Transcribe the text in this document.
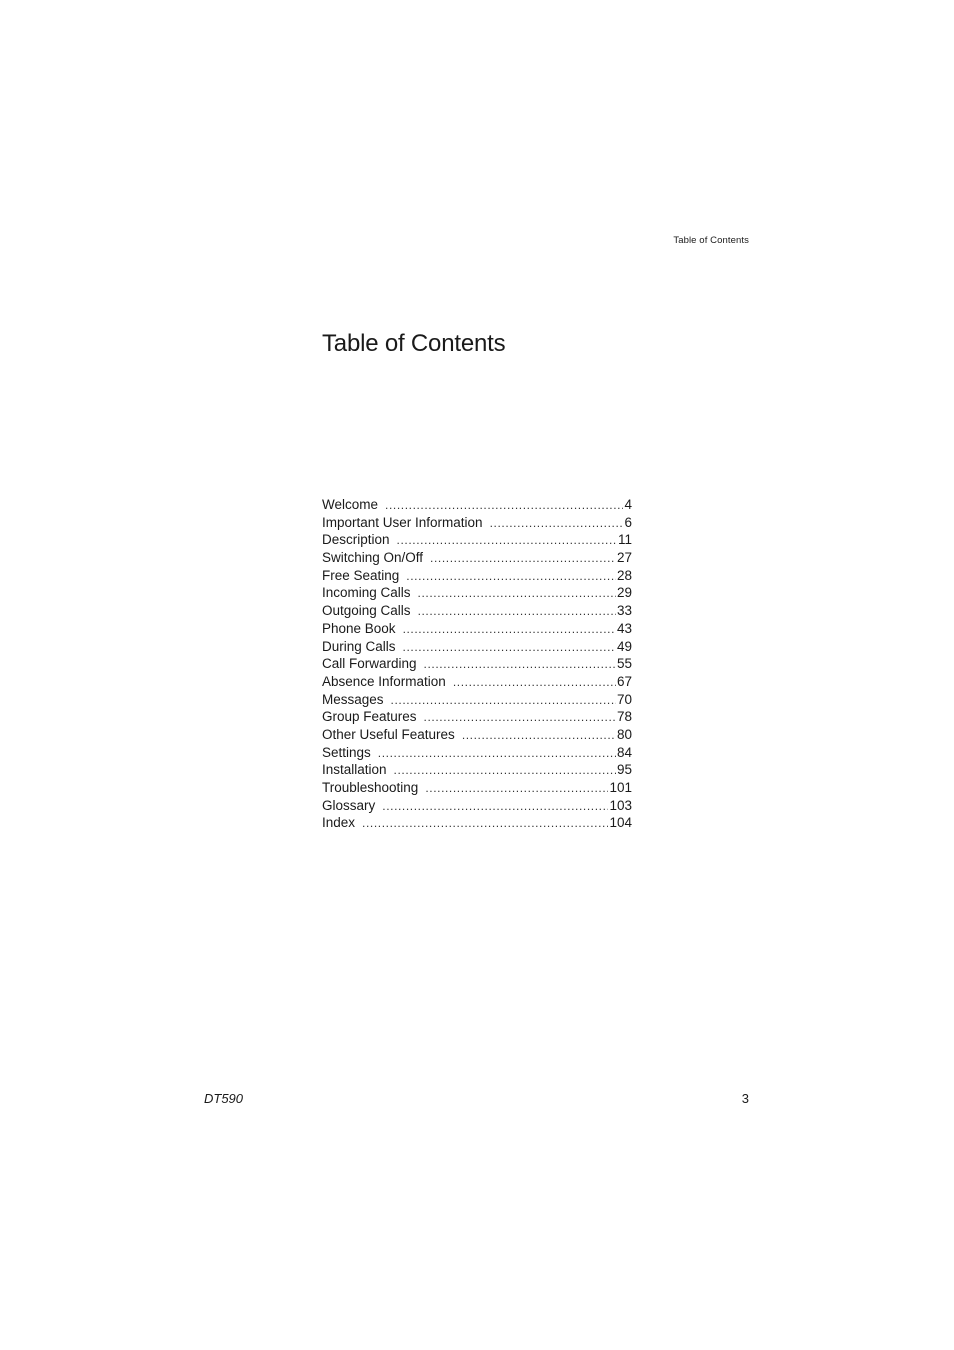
Table of Contents
Table of Contents
Welcome .....	4
Important User Information .....	6
Description .....	11
Switching On/Off .....	27
Free Seating .....	28
Incoming Calls .....	29
Outgoing Calls .....	33
Phone Book .....	43
During Calls .....	49
Call Forwarding .....	55
Absence Information .....	67
Messages .....	70
Group Features .....	78
Other Useful Features .....	80
Settings .....	84
Installation .....	95
Troubleshooting .....	101
Glossary .....	103
Index .....	104
DT590	3
